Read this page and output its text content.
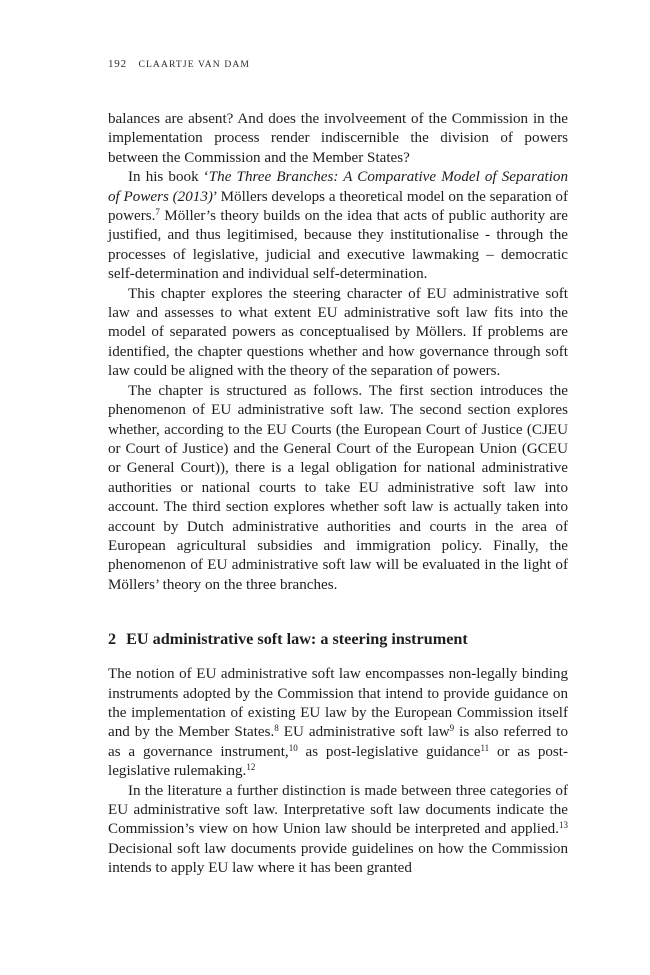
192 CLAARTJE VAN DAM

balances are absent? And does the involveement of the Commission in the implementation process render indiscernible the division of powers between the Commission and the Member States?

In his book ‘The Three Branches: A Comparative Model of Separation of Powers (2013)’ Möllers develops a theoretical model on the separation of powers.$^7$ Möller’s theory builds on the idea that acts of public authority are justified, and thus legitimised, because they institutionalise - through the processes of legislative, judicial and executive lawmaking – democratic self-determination and individual self-determination.

This chapter explores the steering character of EU administrative soft law and assesses to what extent EU administrative soft law fits into the model of separated powers as conceptualised by Möllers. If problems are identified, the chapter questions whether and how governance through soft law could be aligned with the theory of the separation of powers.

The chapter is structured as follows. The first section introduces the phenomenon of EU administrative soft law. The second section explores whether, according to the EU Courts (the European Court of Justice (CJEU or Court of Justice) and the General Court of the European Union (GCEU or General Court)), there is a legal obligation for national administrative authorities or national courts to take EU administrative soft law into account. The third section explores whether soft law is actually taken into account by Dutch administrative authorities and courts in the area of European agricultural subsidies and immigration policy. Finally, the phenomenon of EU administrative soft law will be evaluated in the light of Möllers’ theory on the three branches.

2 EU administrative soft law: a steering instrument

The notion of EU administrative soft law encompasses non-legally binding instruments adopted by the Commission that intend to provide guidance on the implementation of existing EU law by the European Commission itself and by the Member States.$^8$ EU administrative soft law$^9$ is also referred to as a governance instrument,$^{10}$ as post-legislative guidance$^{11}$ or as post-legislative rulemaking.$^{12}$

In the literature a further distinction is made between three categories of EU administrative soft law. Interpretative soft law documents indicate the Commission’s view on how Union law should be interpreted and applied.$^{13}$ Decisional soft law documents provide guidelines on how the Commission intends to apply EU law where it has been granted
